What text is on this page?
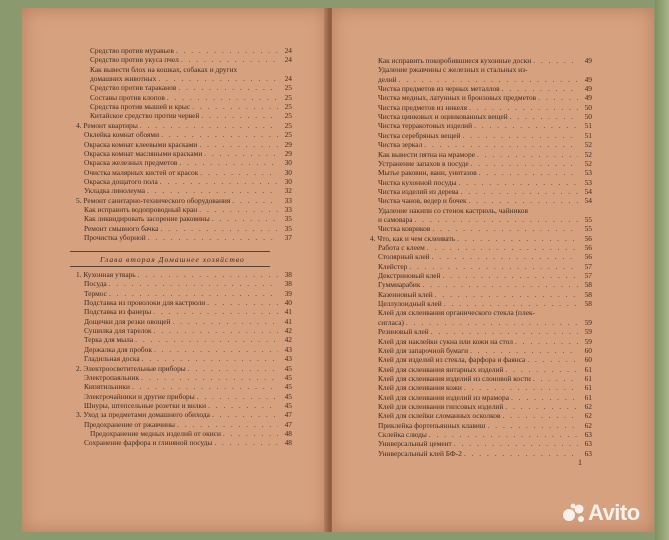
Глава вторая Домашнее хозяйство
1
Avito
Средство против муравьев . . .	24
Средство против укуса пчел . . .	24
Как вывести блох на кошках, собаках и других
домашних животных . . .	24
Средство против тараканов . . .	25
Составы против клопов . . .	25
Средства против мышей и крыс . . .	25
Китайское средство против червей . . .	25
4. Ремонт квартиры . . .	25
Оклейка комнат обоями . . .	25
Окраска комнат клеевыми красками . . .	29
Окраска комнат масляными красками . . .	29
Окраска железных предметов . . .	30
Очистка малярных кистей от красок . . .	30
Окраска дощатого пола . . .	30
Укладка линолеума . . .	32
5. Ремонт санитарно-технического оборудования . . .	33
Как исправить водопроводный кран . . .	33
Как ликвидировать засорение раковины . . .	35
Ремонт смывного бачка . . .	35
Прочистка уборной . . .	37
1. Кухонная утварь . . .	38
Посуда . . .	38
Термос . . .	39
Подставка из проволоки для кастрюли . . .	40
Подставка из фанеры . . .	41
Дощечки для резки овощей . . .	41
Сушилка для тарелок . . .	42
Терка для мыла . . .	42
Держалка для пробок . . .	43
Гладильная доска . . .	43
2. Электроосветительные приборы . . .	45
Электропаяльник . . .	45
Кипятильники . . .	45
Электрочайники и другие приборы . . .	45
Шнуры, штепсельные розетки и вилки . . .	45
3. Уход за предметами домашнего обихода . . .	47
Предохранение от ржавчины . . .	47
Предохранение медных изделий от окиси . . .	48
Сохранение фарфора и глиняной посуды . . .	48
Как исправить покоробившиеся кухонные доски . . .	49
Удаление ржавчины с железных и стальных из-
делий . . .	49
Чистка предметов из черных металлов . . .	49
Чистка медных, латунных и бронзовых предметов . . .	49
Чистка предметов из никеля . . .	50
Чистка цинковых и оцинкованных вещей . . .	50
Чистка терракотовых изделий . . .	51
Чистка серебряных вещей . . .	51
Чистка зеркал . . .	52
Как вывести пятна на мраморе . . .	52
Устранение запахов в посуде . . .	52
Мытье раковин, ванн, унитазов . . .	53
Чистка кухонной посуды . . .	53
Чистка изделий из дерева . . .	54
Чистка чанов, ведер и бочек . . .	54
Удаление накипи со стенок кастрюль, чайников
и самовара . . .	55
Чистка ковриков . . .	55
4. Что, как и чем склеивать . . .	56
Работа с клеем . . .	56
Столярный клей . . .	56
Клейстер . . .	57
Декстриновый клей . . .	57
Гуммиарабик . . .	58
Казеиновый клей . . .	58
Целлулоидный клей . . .	58
Клей для склеивания органического стекла (плек-
сигласа) . . .	59
Резиновый клей . . .	59
Клей для наклейки сукна или кожи на стол . . .	59
Клей для запарочной бумаги . . .	60
Клей для изделий из стекла, фарфора и фаянса . . .	60
Клей для склеивания янтарных изделий . . .	61
Клей для склеивания изделий из слоновой кости . . .	61
Клей для склеивания кожи . . .	61
Клей для склеивания изделий из мрамора . . .	61
Клей для склеивания гипсовых изделий . . .	62
Клей для склейки сломанных осколков . . .	62
Приклейка фортепьянных клавиш . . .	62
Склейка слюды . . .	63
Универсальный цемент . . .	63
Универсальный клей БФ-2 . . .	63
